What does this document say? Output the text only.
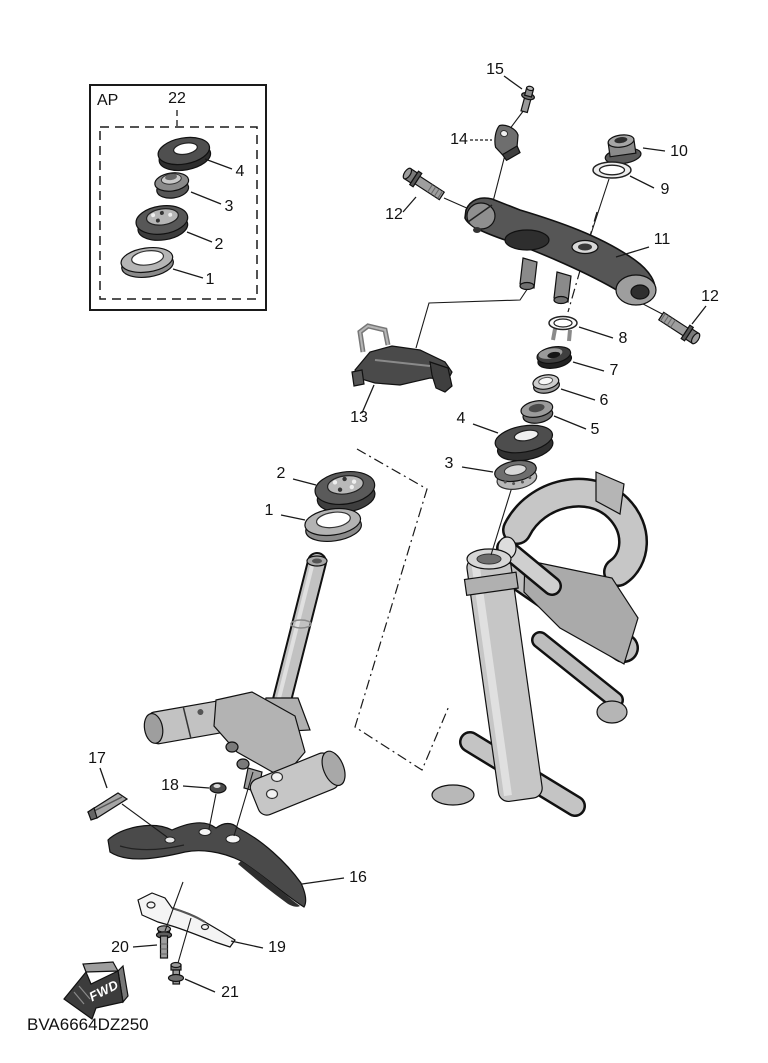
AP	22
4
3
2
1
15
14
10
9
12
11
12
8
7
6
5
4
3
13
2
1
17
18
16
19
20
21
FWD
BVA6664DZ250
